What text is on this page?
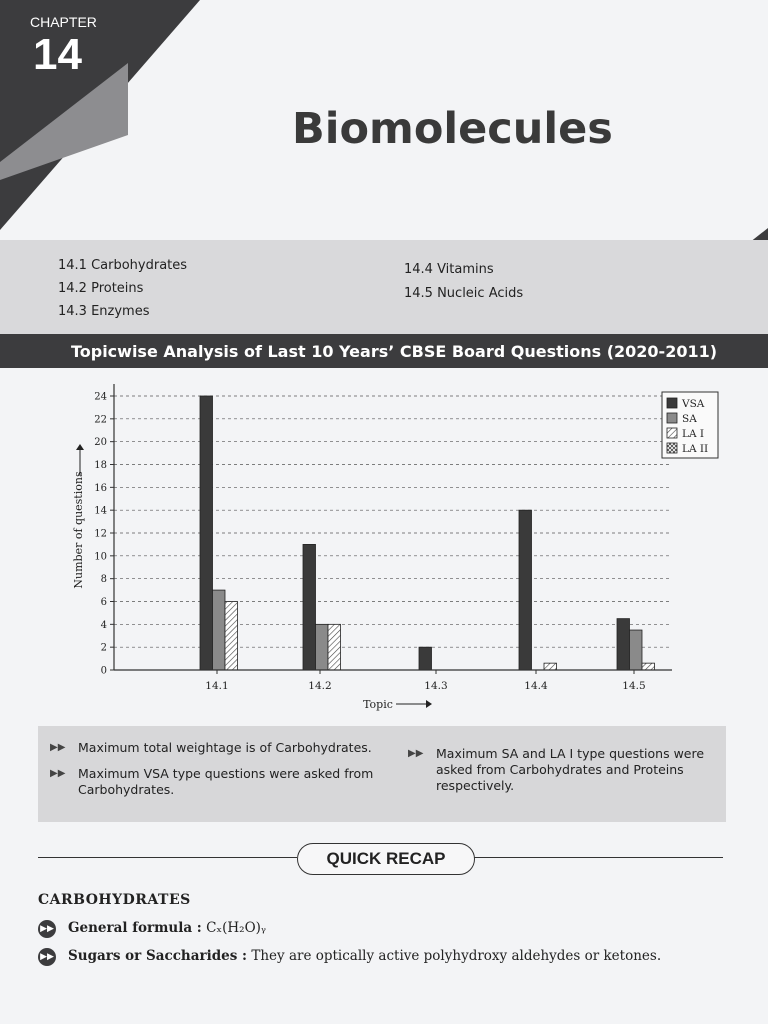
CHAPTER
14
Biomolecules
14.1 Carbohydrates
14.2 Proteins
14.3 Enzymes
14.4 Vitamins
14.5 Nucleic Acids
Topicwise Analysis of Last 10 Years’ CBSE Board Questions (2020-2011)
0
2
4
6
8
10
12
14
16
18
20
22
24
14.1	14.2	14.3	14.4	14.5
Topic
Number of questions
VSA
SA
LA I
LA II
▶▶ Maximum total weightage is of Carbohydrates.
▶▶ Maximum VSA type questions were asked from Carbohydrates.
▶▶ Maximum SA and LA I type questions were asked from Carbohydrates and Proteins respectively.
QUICK RECAP
CARBOHYDRATES
▶▶ General formula : Cₓ(H₂O)ᵧ
▶▶ Sugars or Saccharides : They are optically active polyhydroxy aldehydes or ketones.
